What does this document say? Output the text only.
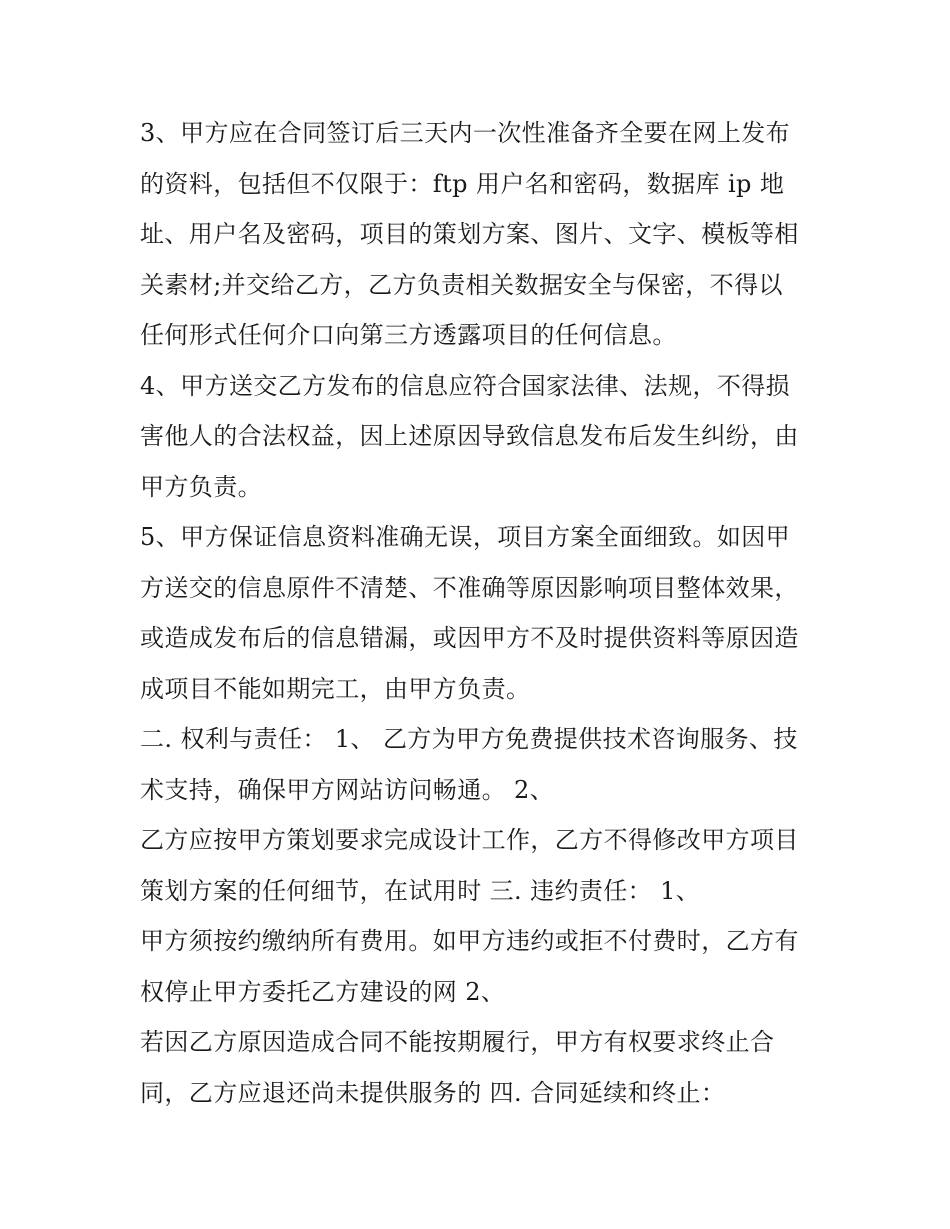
3、甲方应在合同签订后三天内一次性准备齐全要在网上发布
的资料，包括但不仅限于：ftp 用户名和密码，数据库 ip 地
址、用户名及密码，项目的策划方案、图片、文字、模板等相
关素材;并交给乙方，乙方负责相关数据安全与保密，不得以
任何形式任何介口向第三方透露项目的任何信息。
4、甲方送交乙方发布的信息应符合国家法律、法规，不得损
害他人的合法权益，因上述原因导致信息发布后发生纠纷，由
甲方负责。
5、甲方保证信息资料准确无误，项目方案全面细致。如因甲
方送交的信息原件不清楚、不准确等原因影响项目整体效果，
或造成发布后的信息错漏，或因甲方不及时提供资料等原因造
成项目不能如期完工，由甲方负责。
二. 权利与责任： 1、 乙方为甲方免费提供技术咨询服务、技
术支持，确保甲方网站访问畅通。 2、
乙方应按甲方策划要求完成设计工作，乙方不得修改甲方项目
策划方案的任何细节，在试用时 三. 违约责任： 1、
甲方须按约缴纳所有费用。如甲方违约或拒不付费时，乙方有
权停止甲方委托乙方建设的网 2、
若因乙方原因造成合同不能按期履行，甲方有权要求终止合
同，乙方应退还尚未提供服务的 四. 合同延续和终止：
